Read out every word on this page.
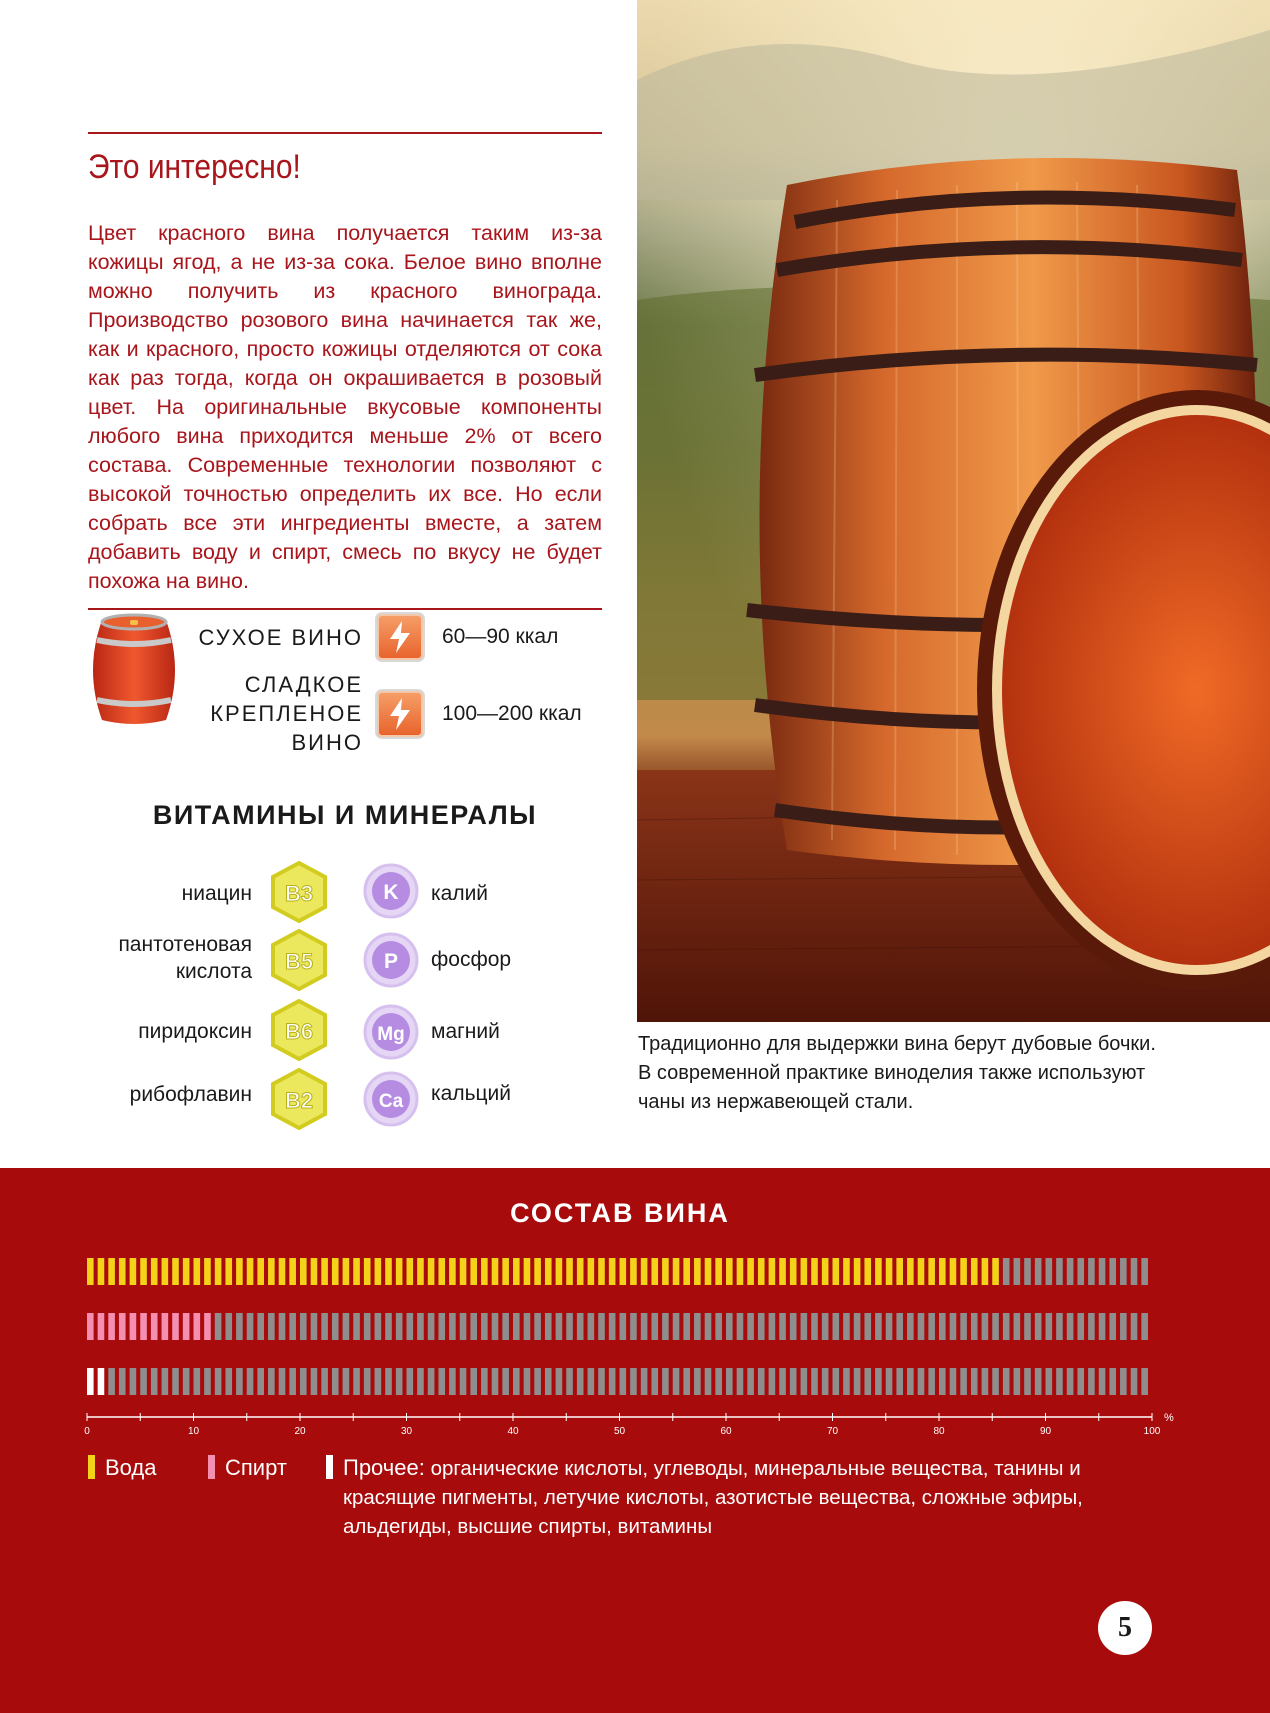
Это интересно!
Цвет красного вина получается таким из-за кожицы ягод, а не из-за сока. Белое вино вполне можно получить из красного винограда. Производство розового вина начинается так же, как и красного, просто кожицы отделяются от сока как раз тогда, когда он окрашивается в розовый цвет. На оригинальные вкусовые компоненты любого вина приходится меньше 2% от всего состава. Современные технологии позволяют с высокой точностью определить их все. Но если собрать все эти ингредиенты вместе, а затем добавить воду и спирт, смесь по вкусу не будет похожа на вино.
Традиционно для выдержки вина берут дубовые бочки. В современной практике виноделия также используют чаны из нержавеющей стали.
СУХОЕ ВИНО	60—90 ккал
СЛАДКОЕ КРЕПЛЕНОЕ ВИНО
100—200 ккал
ВИТАМИНЫ И МИНЕРАЛЫ
ниацин B3
пантотеновая кислота B5
пиридоксин B6
рибофлавин B2
K калий
P фосфор
Mg магний
Ca кальций
СОСТАВ ВИНА
0	10	20	30	40	50	60	70	80	90	100
%
Вода	Спирт	Прочее: органические кислоты, углеводы, минеральные вещества, танины и красящие пигменты, летучие кислоты, азотистые вещества, сложные эфиры, альдегиды, высшие спирты, витамины
5
